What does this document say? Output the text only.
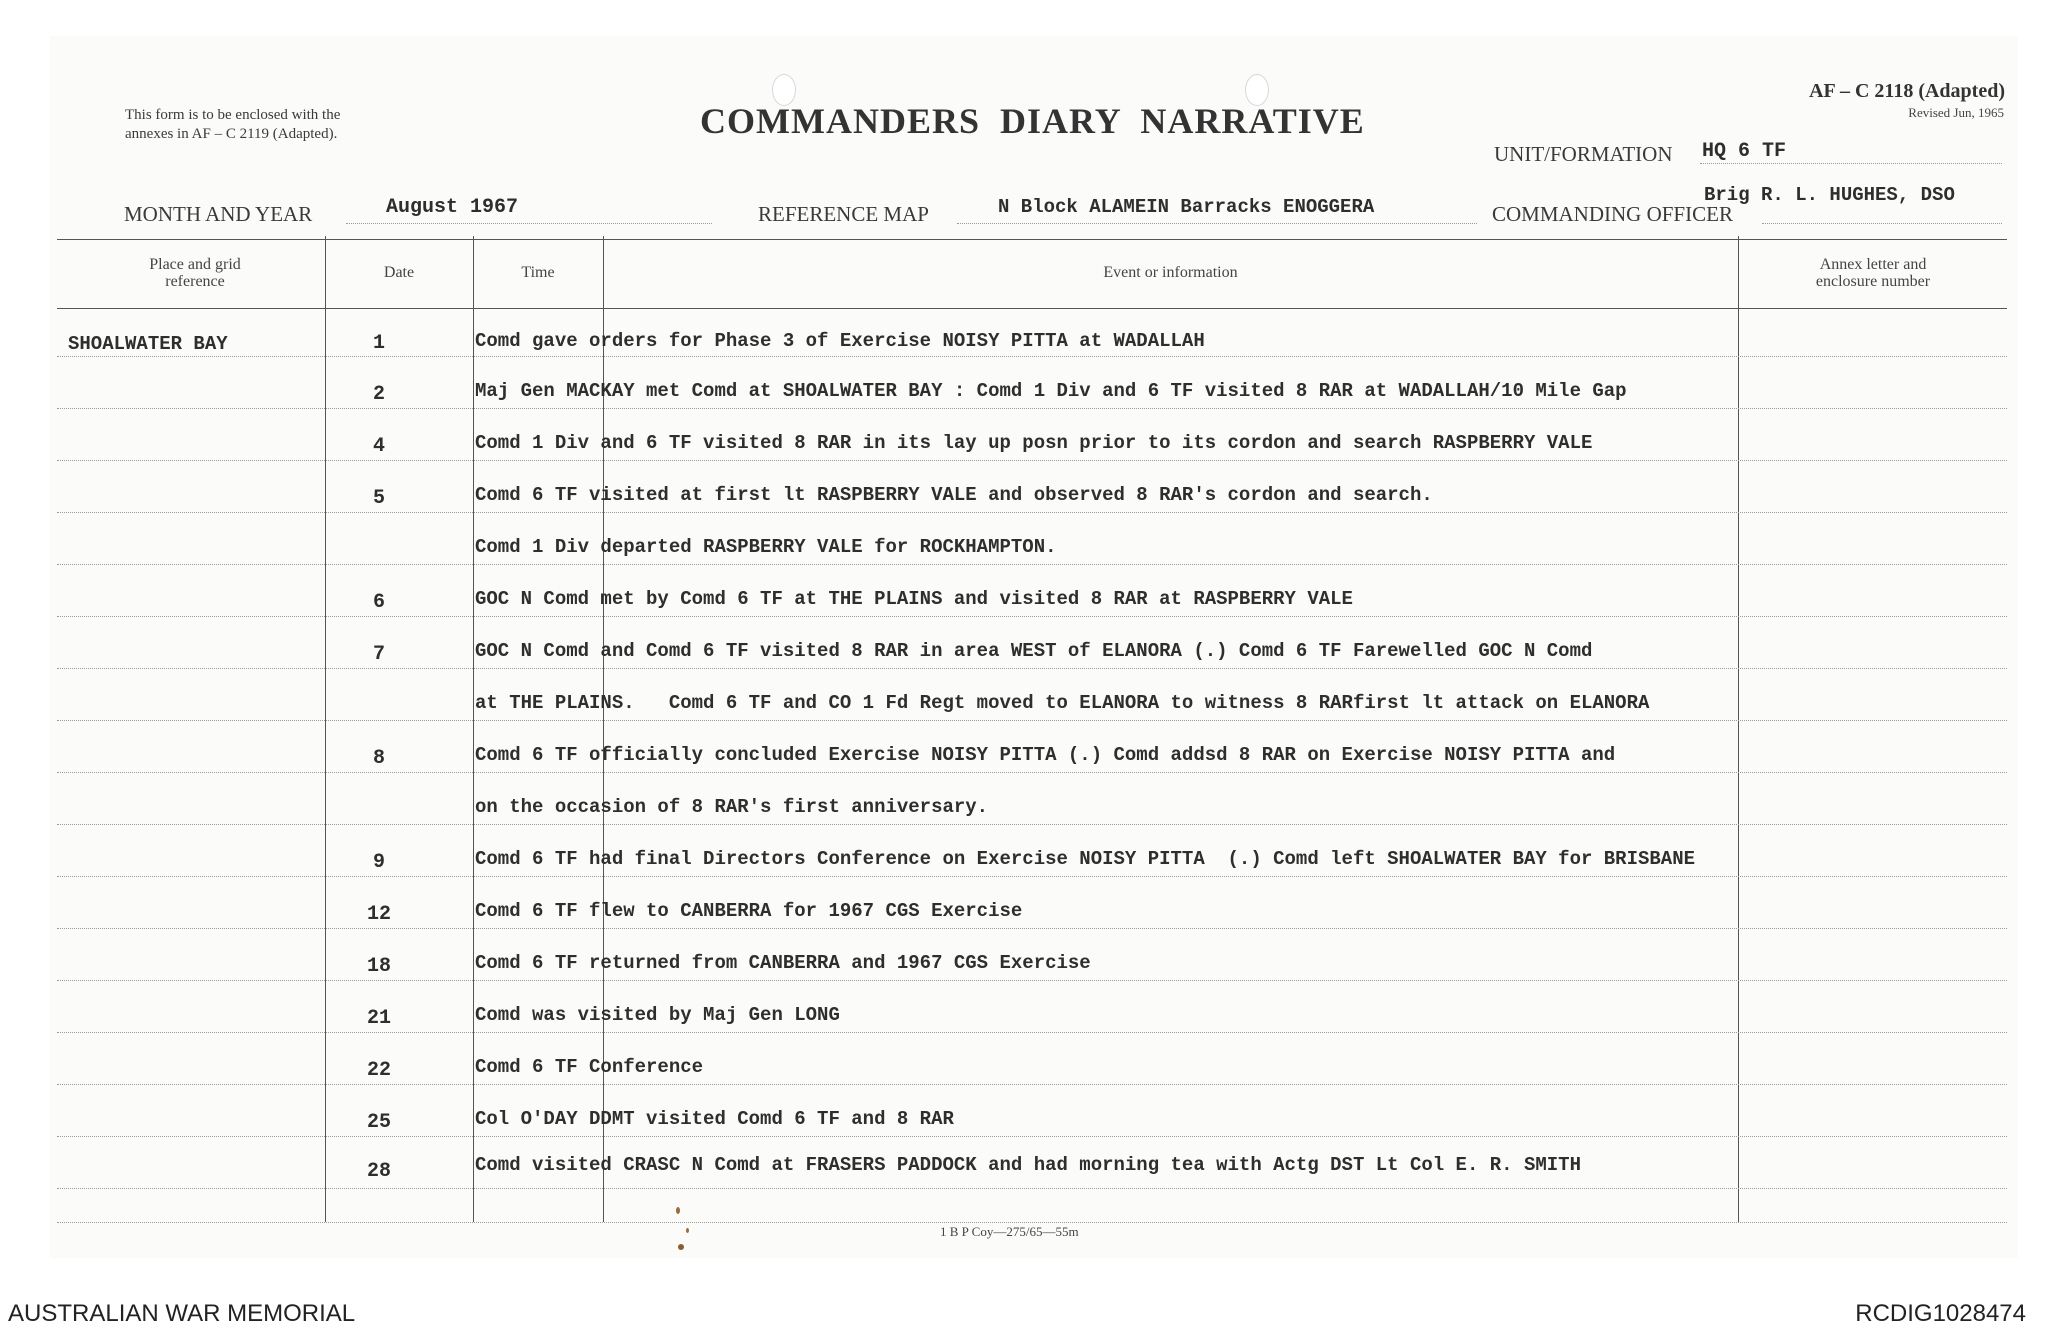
This form is to be enclosed with the
annexes in AF – C 2119 (Adapted).	COMMANDERS  DIARY  NARRATIVE
AF – C 2118 (Adapted)
Revised Jun, 1965
UNIT/FORMATION HQ 6 TF
MONTH AND YEAR	August 1967	REFERENCE MAP	N Block ALAMEIN Barracks ENOGGERA	COMMANDING OFFICER
Brig R. L. HUGHES, DSO
Place and grid
reference
Date	Time	Event or information	Annex letter and
enclosure number
SHOALWATER BAY	1	Comd gave orders for Phase 3 of Exercise NOISY PITTA at WADALLAH
2	Maj Gen MACKAY met Comd at SHOALWATER BAY : Comd 1 Div and 6 TF visited 8 RAR at WADALLAH/10 Mile Gap
4	Comd 1 Div and 6 TF visited 8 RAR in its lay up posn prior to its cordon and search RASPBERRY VALE
5	Comd 6 TF visited at first lt RASPBERRY VALE and observed 8 RAR's cordon and search.
Comd 1 Div departed RASPBERRY VALE for ROCKHAMPTON.
6	GOC N Comd met by Comd 6 TF at THE PLAINS and visited 8 RAR at RASPBERRY VALE
7	GOC N Comd and Comd 6 TF visited 8 RAR in area WEST of ELANORA (.) Comd 6 TF Farewelled GOC N Comd
at THE PLAINS.   Comd 6 TF and CO 1 Fd Regt moved to ELANORA to witness 8 RARfirst lt attack on ELANORA
8	Comd 6 TF officially concluded Exercise NOISY PITTA (.) Comd addsd 8 RAR on Exercise NOISY PITTA and
on the occasion of 8 RAR's first anniversary.
9	Comd 6 TF had final Directors Conference on Exercise NOISY PITTA  (.) Comd left SHOALWATER BAY for BRISBANE
12	Comd 6 TF flew to CANBERRA for 1967 CGS Exercise
18	Comd 6 TF returned from CANBERRA and 1967 CGS Exercise
21	Comd was visited by Maj Gen LONG
22	Comd 6 TF Conference
25	Col O'DAY DDMT visited Comd 6 TF and 8 RAR
28	Comd visited CRASC N Comd at FRASERS PADDOCK and had morning tea with Actg DST Lt Col E. R. SMITH
1 B P Coy—275/65—55m
AUSTRALIAN WAR MEMORIAL	RCDIG1028474
